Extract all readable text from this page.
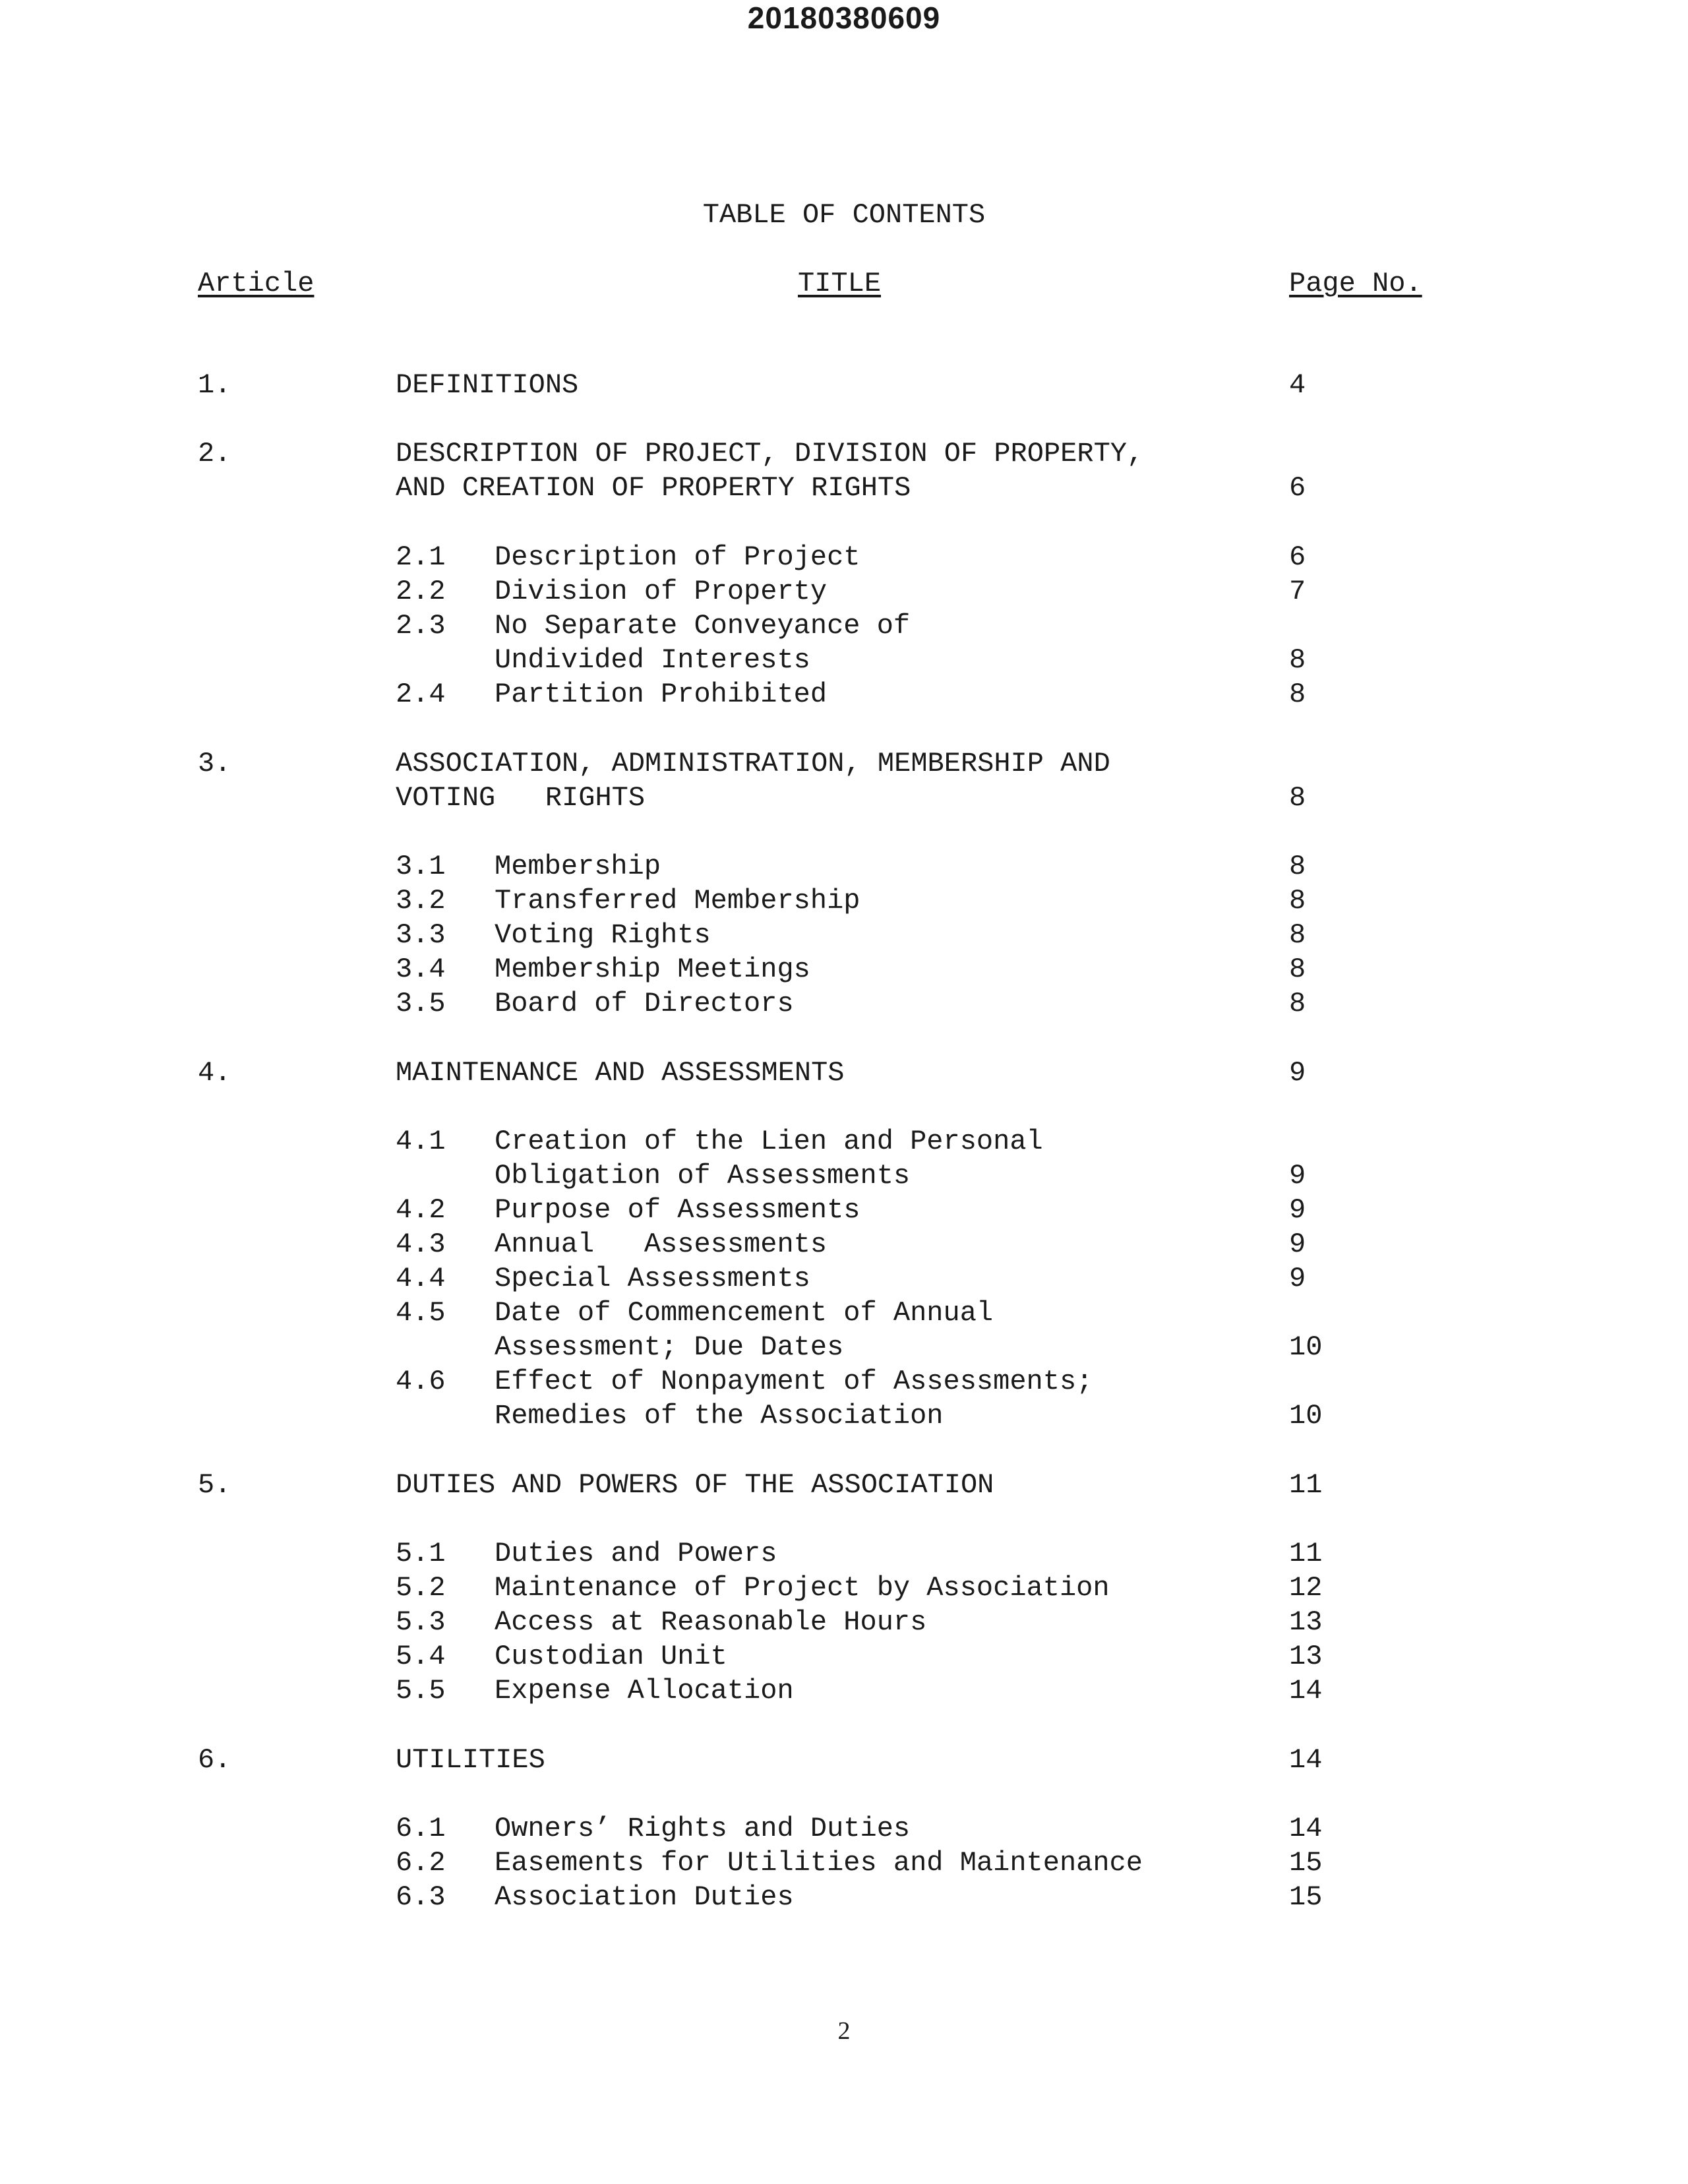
20180380609
TABLE OF CONTENTS
Article	TITLE	Page No.
1.	DEFINITIONS	4
2.	DESCRIPTION OF PROJECT, DIVISION OF PROPERTY,
AND CREATION OF PROPERTY RIGHTS	6
2.1 Description of Project	6
2.2 Division of Property	7
2.3 No Separate Conveyance of
Undivided Interests	8
2.4 Partition Prohibited	8
3.	ASSOCIATION, ADMINISTRATION, MEMBERSHIP AND
VOTING   RIGHTS	8
3.1 Membership	8
3.2 Transferred Membership	8
3.3 Voting Rights	8
3.4 Membership Meetings	8
3.5 Board of Directors	8
4.	MAINTENANCE AND ASSESSMENTS	9
4.1 Creation of the Lien and Personal
Obligation of Assessments	9
4.2 Purpose of Assessments	9
4.3 Annual   Assessments	9
4.4 Special Assessments	9
4.5 Date of Commencement of Annual
Assessment; Due Dates	10
4.6 Effect of Nonpayment of Assessments;
Remedies of the Association	10
5.	DUTIES AND POWERS OF THE ASSOCIATION	11
5.1 Duties and Powers	11
5.2 Maintenance of Project by Association	12
5.3 Access at Reasonable Hours	13
5.4 Custodian Unit	13
5.5 Expense Allocation	14
6.	UTILITIES	14
6.1 Owners’ Rights and Duties	14
6.2 Easements for Utilities and Maintenance	15
6.3 Association Duties	15
2
